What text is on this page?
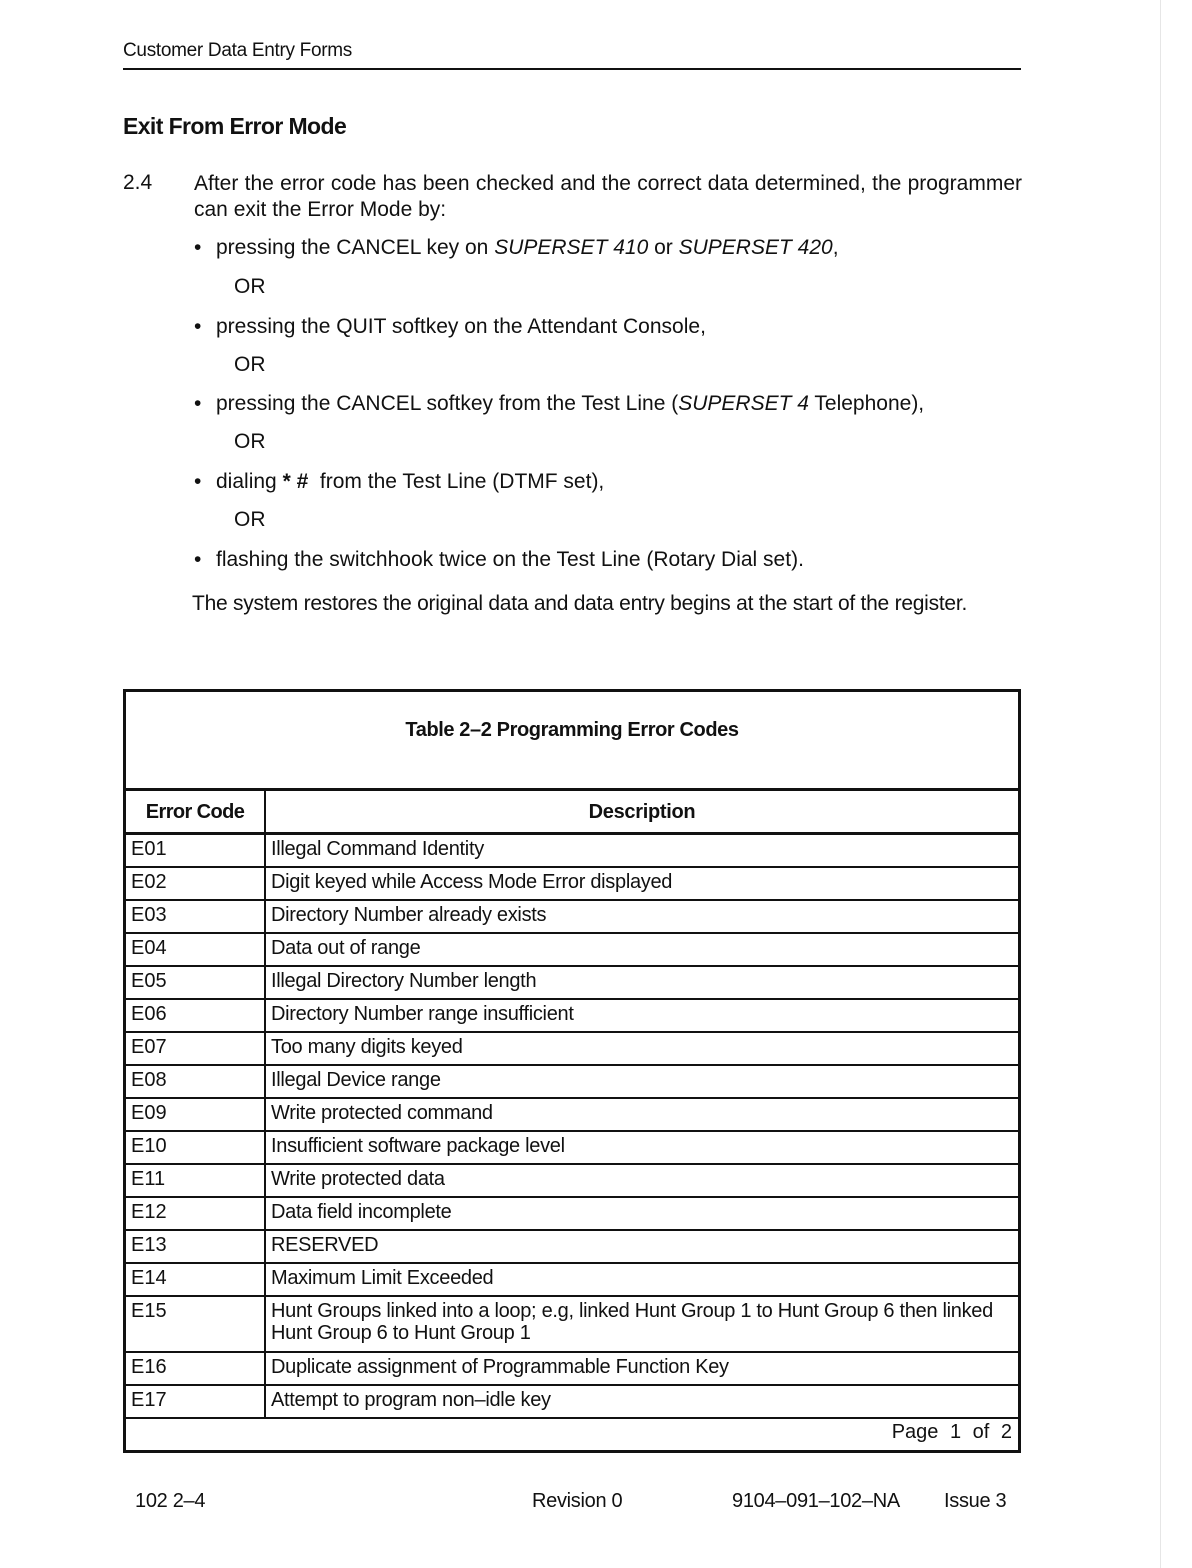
Customer Data Entry Forms
Exit From Error Mode
2.4 After the error code has been checked and the correct data determined, the programmer can exit the Error Mode by:
• pressing the CANCEL key on SUPERSET 410 or SUPERSET 420,
OR
• pressing the QUIT softkey on the Attendant Console,
OR
• pressing the CANCEL softkey from the Test Line (SUPERSET 4 Telephone),
OR
• dialing * #  from the Test Line (DTMF set),
OR
• flashing the switchhook twice on the Test Line (Rotary Dial set).
The system restores the original data and data entry begins at the start of the register.
Table 2–2 Programming Error Codes
Error Code	Description
E01	Illegal Command Identity
E02	Digit keyed while Access Mode Error displayed
E03	Directory Number already exists
E04	Data out of range
E05	Illegal Directory Number length
E06	Directory Number range insufficient
E07	Too many digits keyed
E08	Illegal Device range
E09	Write protected command
E10	Insufficient software package level
E11	Write protected data
E12	Data field incomplete
E13	RESERVED
E14	Maximum Limit Exceeded
E15	Hunt Groups linked into a loop; e.g, linked Hunt Group 1 to Hunt Group 6 then linked Hunt Group 6 to Hunt Group 1
E16	Duplicate assignment of Programmable Function Key
E17	Attempt to program non–idle key
Page 1 of 2
102 2–4	Revision 0	9104–091–102–NA Issue 3
